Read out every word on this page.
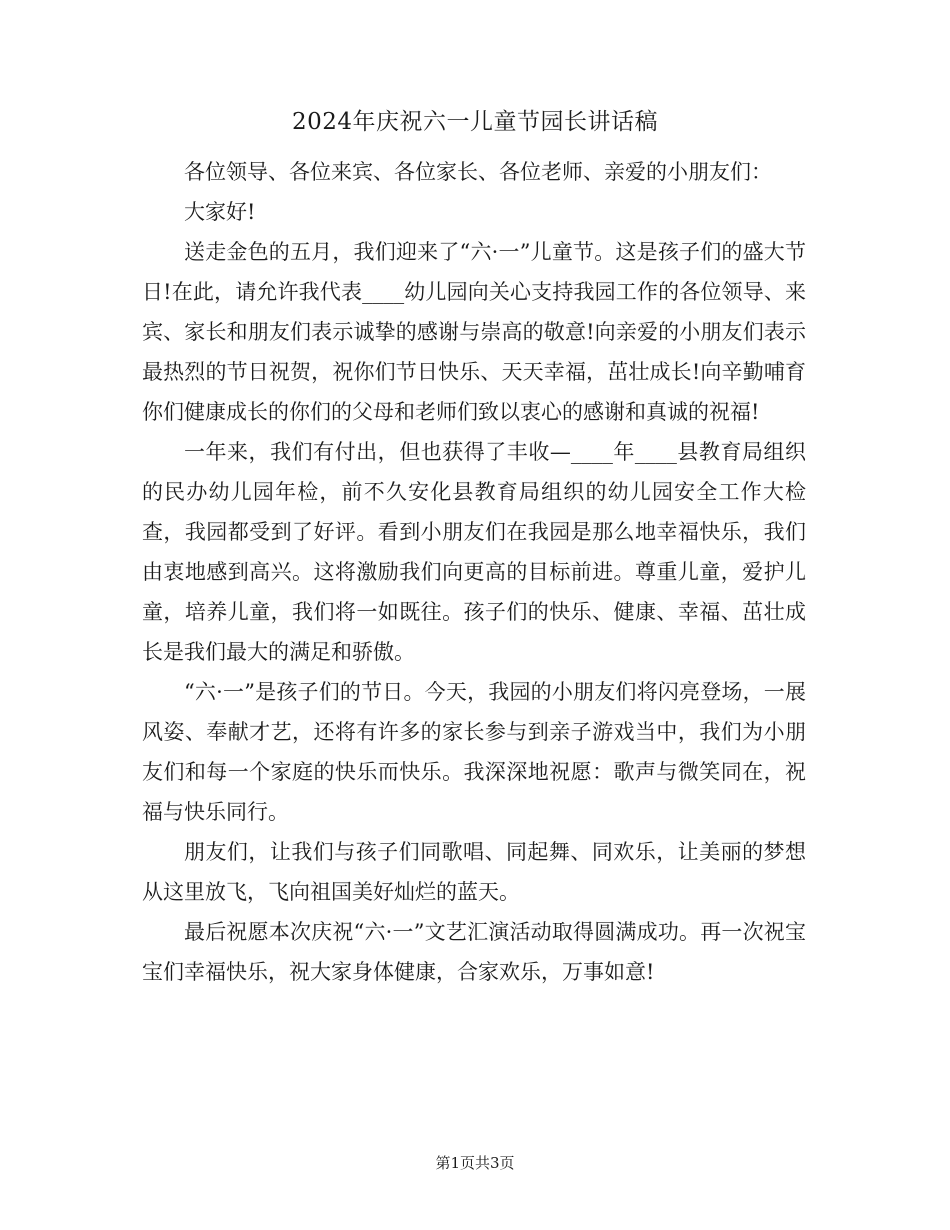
2024年庆祝六一儿童节园长讲话稿

各位领导、各位来宾、各位家长、各位老师、亲爱的小朋友们：

大家好!

送走金色的五月，我们迎来了“六·一”儿童节。这是孩子们的盛大节日!在此，请允许我代表____幼儿园向关心支持我园工作的各位领导、来宾、家长和朋友们表示诚挚的感谢与崇高的敬意!向亲爱的小朋友们表示最热烈的节日祝贺，祝你们节日快乐、天天幸福，茁壮成长!向辛勤哺育你们健康成长的你们的父母和老师们致以衷心的感谢和真诚的祝福!

一年来，我们有付出，但也获得了丰收—____年____县教育局组织的民办幼儿园年检，前不久安化县教育局组织的幼儿园安全工作大检查，我园都受到了好评。看到小朋友们在我园是那么地幸福快乐，我们由衷地感到高兴。这将激励我们向更高的目标前进。尊重儿童，爱护儿童，培养儿童，我们将一如既往。孩子们的快乐、健康、幸福、茁壮成长是我们最大的满足和骄傲。

“六·一”是孩子们的节日。今天，我园的小朋友们将闪亮登场，一展风姿、奉献才艺，还将有许多的家长参与到亲子游戏当中，我们为小朋友们和每一个家庭的快乐而快乐。我深深地祝愿：歌声与微笑同在，祝福与快乐同行。

朋友们，让我们与孩子们同歌唱、同起舞、同欢乐，让美丽的梦想从这里放飞，飞向祖国美好灿烂的蓝天。

最后祝愿本次庆祝“六·一”文艺汇演活动取得圆满成功。再一次祝宝宝们幸福快乐，祝大家身体健康，合家欢乐，万事如意!

第1页共3页
